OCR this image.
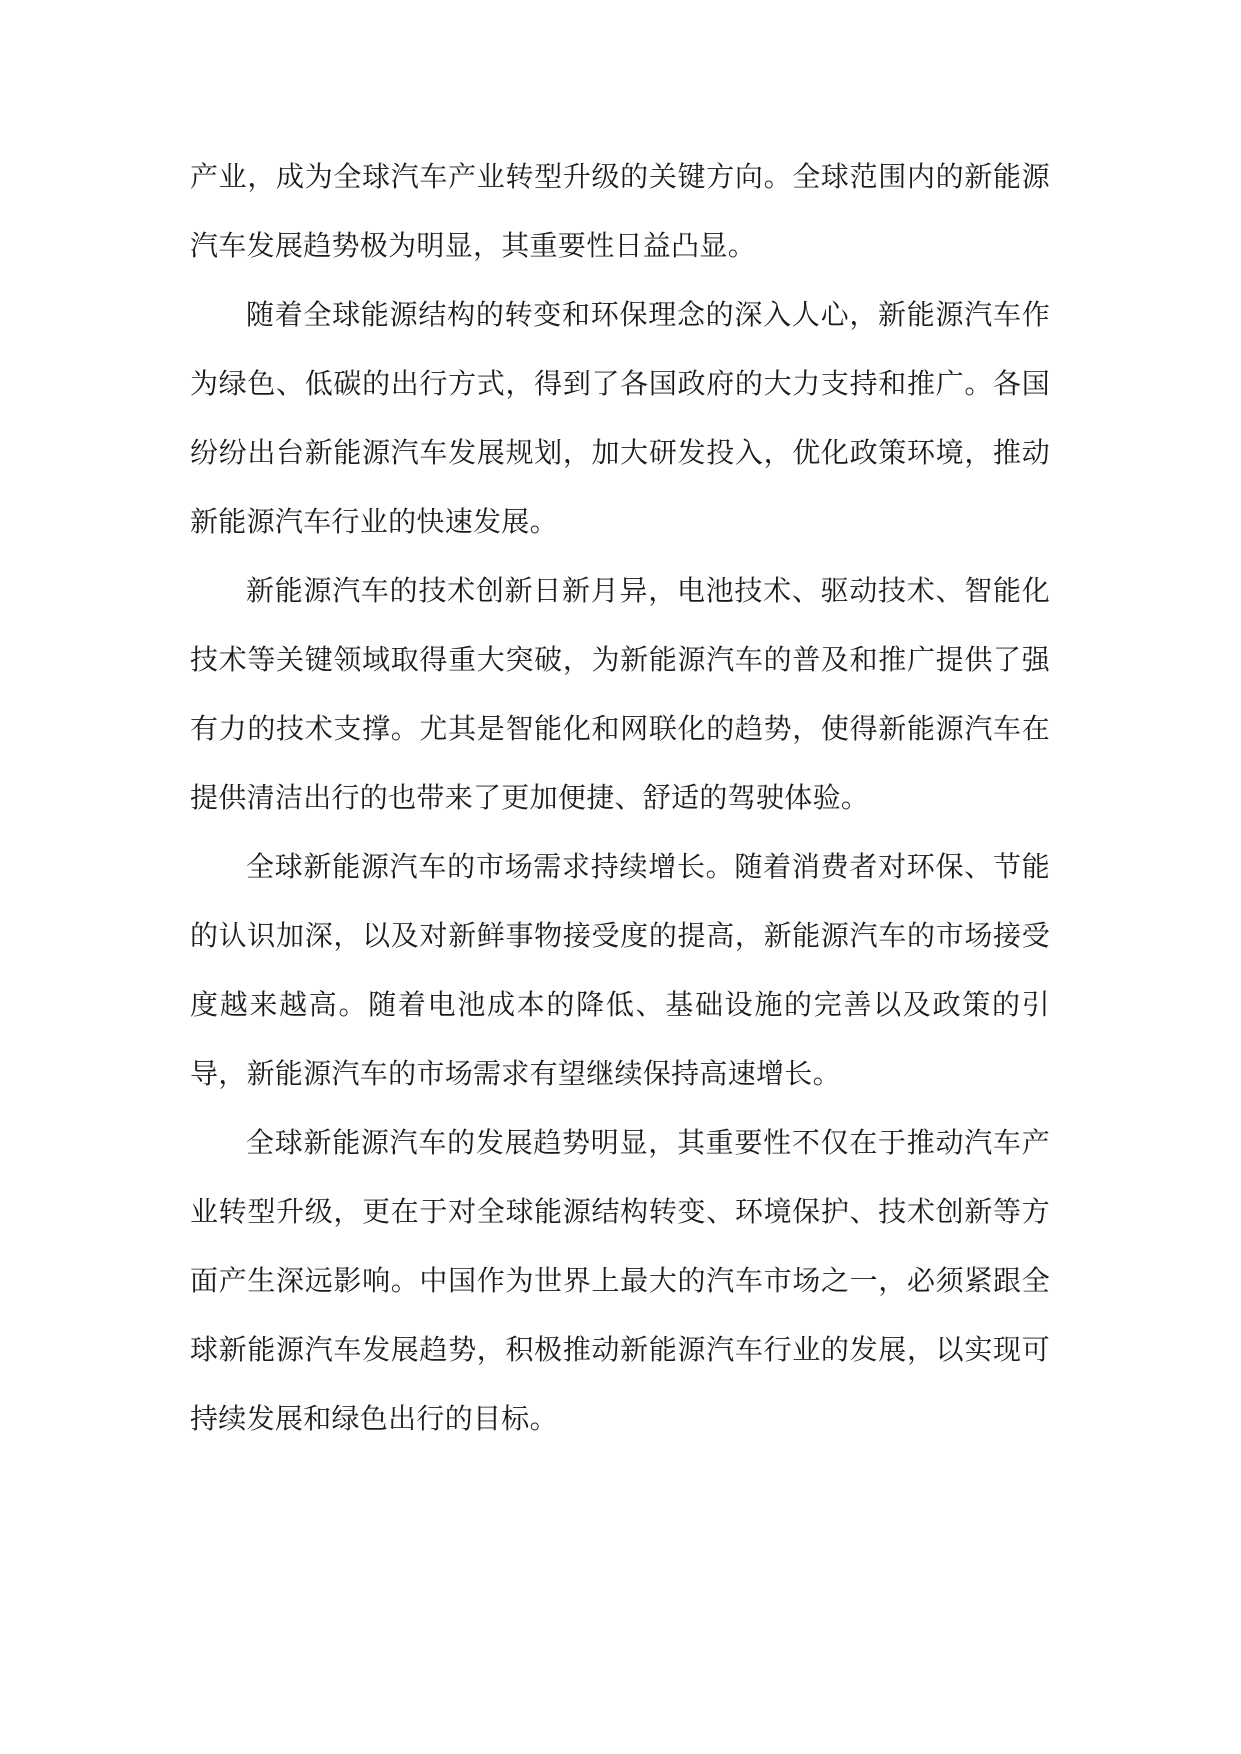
产业，成为全球汽车产业转型升级的关键方向。全球范围内的新能源汽车发展趋势极为明显，其重要性日益凸显。

随着全球能源结构的转变和环保理念的深入人心，新能源汽车作为绿色、低碳的出行方式，得到了各国政府的大力支持和推广。各国纷纷出台新能源汽车发展规划，加大研发投入，优化政策环境，推动新能源汽车行业的快速发展。

新能源汽车的技术创新日新月异，电池技术、驱动技术、智能化技术等关键领域取得重大突破，为新能源汽车的普及和推广提供了强有力的技术支撑。尤其是智能化和网联化的趋势，使得新能源汽车在提供清洁出行的也带来了更加便捷、舒适的驾驶体验。

全球新能源汽车的市场需求持续增长。随着消费者对环保、节能的认识加深，以及对新鲜事物接受度的提高，新能源汽车的市场接受度越来越高。随着电池成本的降低、基础设施的完善以及政策的引导，新能源汽车的市场需求有望继续保持高速增长。

全球新能源汽车的发展趋势明显，其重要性不仅在于推动汽车产业转型升级，更在于对全球能源结构转变、环境保护、技术创新等方面产生深远影响。中国作为世界上最大的汽车市场之一，必须紧跟全球新能源汽车发展趋势，积极推动新能源汽车行业的发展，以实现可持续发展和绿色出行的目标。
